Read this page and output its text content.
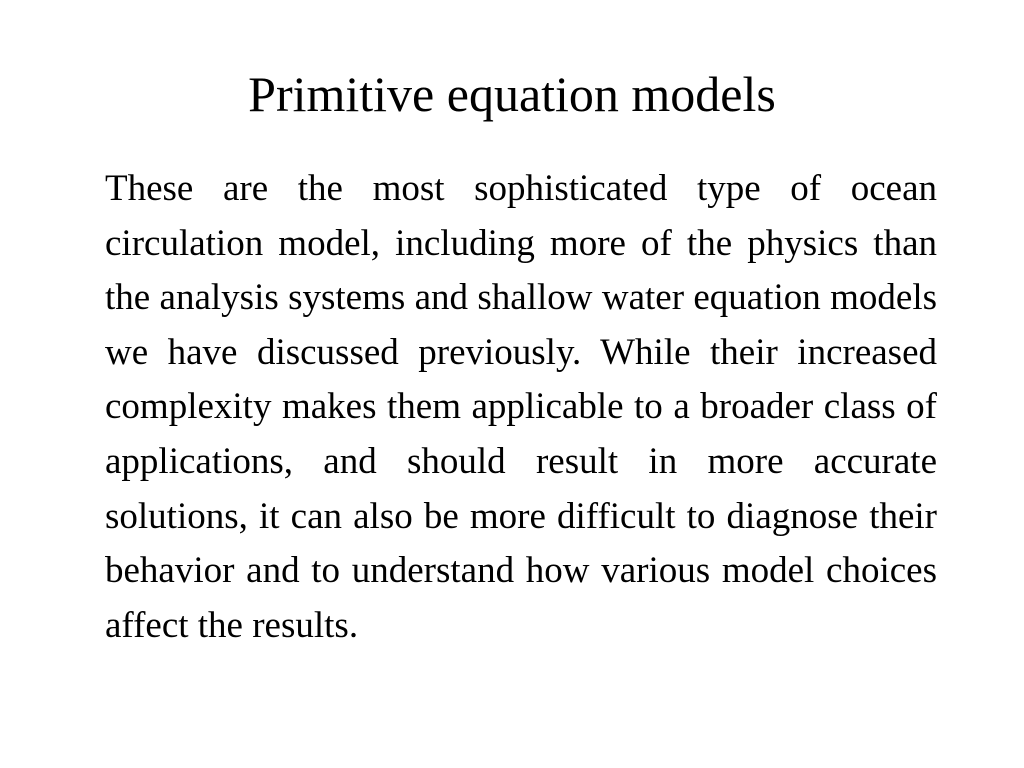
Primitive equation models

These are the most sophisticated type of ocean circulation model, including more of the physics than the analysis systems and shallow water equation models we have discussed previously. While their increased complexity makes them applicable to a broader class of applications, and should result in more accurate solutions, it can also be more difficult to diagnose their behavior and to understand how various model choices affect the results.
